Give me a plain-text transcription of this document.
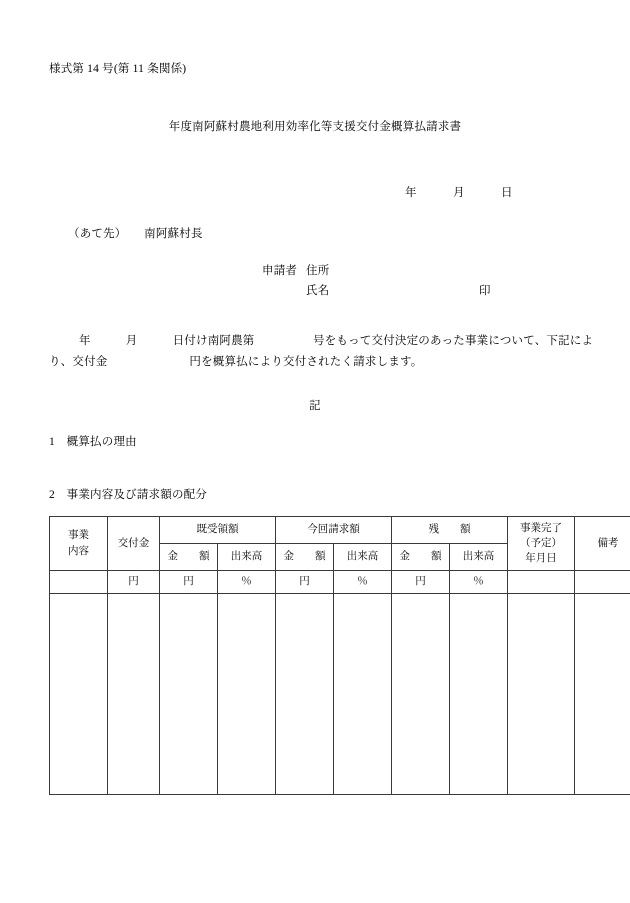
様式第 14 号(第 11 条関係)
年度南阿蘇村農地利用効率化等支援交付金概算払請求書
年　　　月　　　日
（あて先）　　南阿蘇村長
申請者 住所
氏名	印
年　　　月　　　日付け南阿農第　　　　　号をもって交付決定のあった事業について、下記によ
り、交付金　　　　　　　円を概算払により交付されたく請求します。
記
1　 概算払の理由
2　 事業内容及び請求額の配分
事業
内容	交付金	既受領額		今回請求額		残　　額		事業完了
（予定）
年月日	備考
		金　　額	出来高	金　　額	出来高	金　　額	出来高		
	円	円	％	円	％	円	％		
